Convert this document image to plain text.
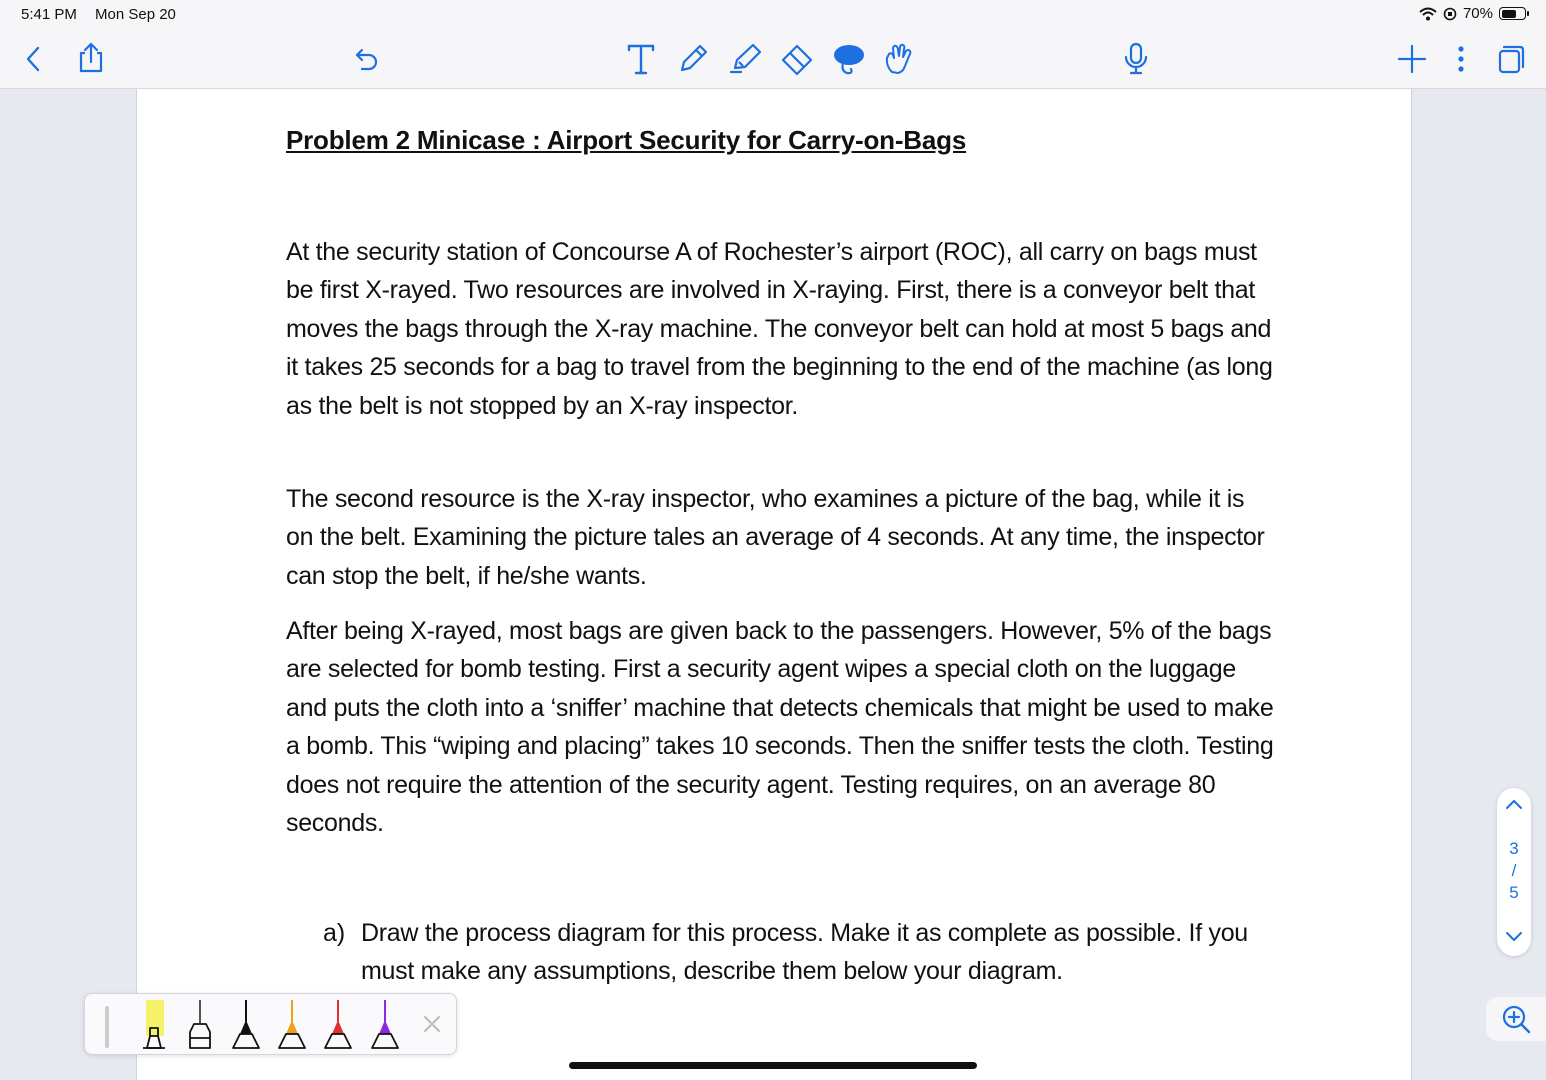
5:41 PM Mon Sep 20	70%
Problem 2 Minicase : Airport Security for Carry-on-Bags

At the security station of Concourse A of Rochester’s airport (ROC), all carry on bags must be first X-rayed. Two resources are involved in X-raying. First, there is a conveyor belt that moves the bags through the X-ray machine. The conveyor belt can hold at most 5 bags and it takes 25 seconds for a bag to travel from the beginning to the end of the machine (as long as the belt is not stopped by an X-ray inspector.

The second resource is the X-ray inspector, who examines a picture of the bag, while it is on the belt. Examining the picture tales an average of 4 seconds. At any time, the inspector can stop the belt, if he/she wants.

After being X-rayed, most bags are given back to the passengers. However, 5% of the bags are selected for bomb testing. First a security agent wipes a special cloth on the luggage and puts the cloth into a ‘sniffer’ machine that detects chemicals that might be used to make a bomb. This “wiping and placing” takes 10 seconds. Then the sniffer tests the cloth. Testing does not require the attention of the security agent. Testing requires, on an average 80 seconds.

a) Draw the process diagram for this process. Make it as complete as possible. If you must make any assumptions, describe them below your diagram.
3
/
5
